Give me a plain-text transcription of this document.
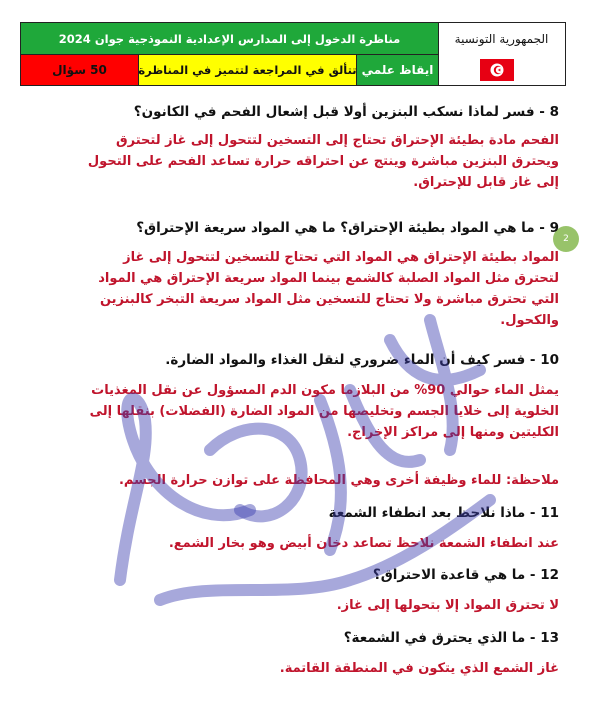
مناظرة الدخول إلى المدارس الإعدادية النموذجية جوان 2024	الجمهورية التونسية
50 سؤال	تتألق في المراجعة لتتميز في المناظرة ايقاظ علمي
2
8 - فسر لماذا نسكب البنزين أولا قبل إشعال الفحم في الكانون؟
الفحم مادة بطيئة الإحتراق تحتاج إلى التسخين لتتحول إلى غاز لتحترق
ويحترق البنزين مباشرة وينتج عن احتراقه حرارة تساعد الفحم على التحول
إلى غاز قابل للإحتراق.
9 - ما هي المواد بطيئة الإحتراق؟ ما هي المواد سريعة الإحتراق؟
المواد بطيئة الإحتراق هي المواد التي تحتاج للتسخين لتتحول إلى غاز
لتحترق مثل المواد الصلبة كالشمع بينما المواد سريعة الإحتراق هي المواد
التي تحترق مباشرة ولا تحتاج للتسخين مثل المواد سريعة التبخر كالبنزين
والكحول.
10 - فسر كيف أن الماء ضروري لنقل الغذاء والمواد الضارة.
يمثل الماء حوالي 90% من البلازما مكون الدم المسؤول عن نقل المغذيات
الخلوية إلى خلايا الجسم وتخليصها من المواد الضارة (الفضلات) بنقلها إلى
الكليتين ومنها إلى مراكز الإخراج.
ملاحظة: للماء وظيفة أخرى وهي المحافظة على توازن حرارة الجسم.
11 - ماذا نلاحظ بعد انطفاء الشمعة
عند انطفاء الشمعة نلاحظ تصاعد دخان أبيض وهو بخار الشمع.
12 - ما هي قاعدة الاحتراق؟
لا تحترق المواد إلا بتحولها إلى غاز.
13 - ما الذي يحترق في الشمعة؟
غاز الشمع الذي يتكون في المنطقة القاتمة.
